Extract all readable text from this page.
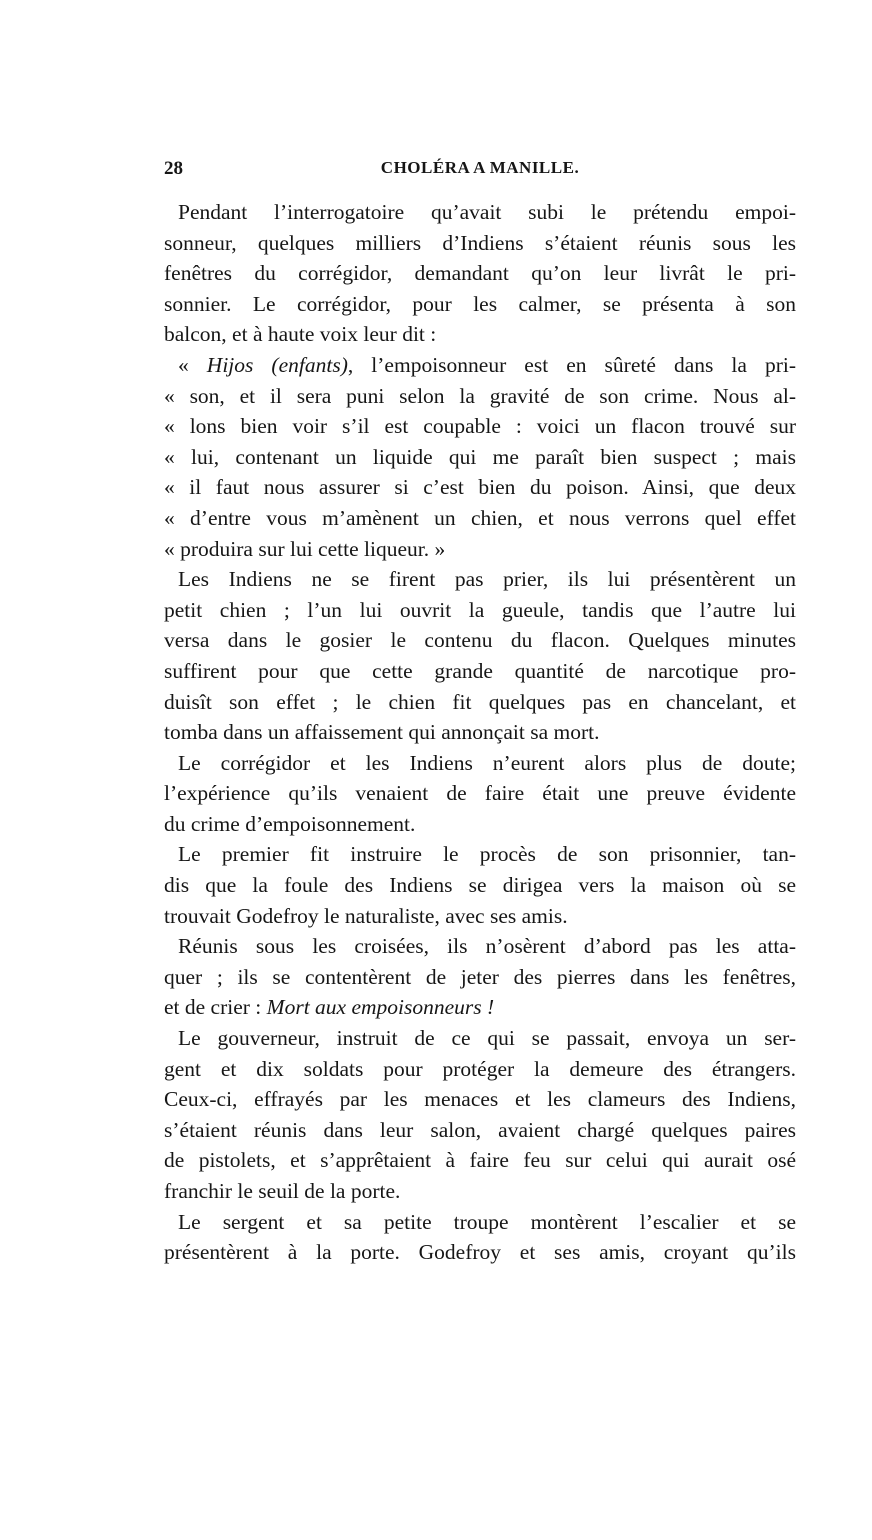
28	CHOLÉRA A MANILLE.
Pendant l’interrogatoire qu’avait subi le prétendu empoi-
sonneur, quelques milliers d’Indiens s’étaient réunis sous les
fenêtres du corrégidor, demandant qu’on leur livrât le pri-
sonnier. Le corrégidor, pour les calmer, se présenta à son
balcon, et à haute voix leur dit :
« Hijos (enfants), l’empoisonneur est en sûreté dans la pri-
« son, et il sera puni selon la gravité de son crime. Nous al-
« lons bien voir s’il est coupable : voici un flacon trouvé sur
« lui, contenant un liquide qui me paraît bien suspect ; mais
« il faut nous assurer si c’est bien du poison. Ainsi, que deux
« d’entre vous m’amènent un chien, et nous verrons quel effet
« produira sur lui cette liqueur. »
Les Indiens ne se firent pas prier, ils lui présentèrent un
petit chien ; l’un lui ouvrit la gueule, tandis que l’autre lui
versa dans le gosier le contenu du flacon. Quelques minutes
suffirent pour que cette grande quantité de narcotique pro-
duisît son effet ; le chien fit quelques pas en chancelant, et
tomba dans un affaissement qui annonçait sa mort.
Le corrégidor et les Indiens n’eurent alors plus de doute;
l’expérience qu’ils venaient de faire était une preuve évidente
du crime d’empoisonnement.
Le premier fit instruire le procès de son prisonnier, tan-
dis que la foule des Indiens se dirigea vers la maison où se
trouvait Godefroy le naturaliste, avec ses amis.
Réunis sous les croisées, ils n’osèrent d’abord pas les atta-
quer ; ils se contentèrent de jeter des pierres dans les fenêtres,
et de crier : Mort aux empoisonneurs !
Le gouverneur, instruit de ce qui se passait, envoya un ser-
gent et dix soldats pour protéger la demeure des étrangers.
Ceux-ci, effrayés par les menaces et les clameurs des Indiens,
s’étaient réunis dans leur salon, avaient chargé quelques paires
de pistolets, et s’apprêtaient à faire feu sur celui qui aurait osé
franchir le seuil de la porte.
Le sergent et sa petite troupe montèrent l’escalier et se
présentèrent à la porte. Godefroy et ses amis, croyant qu’ils
